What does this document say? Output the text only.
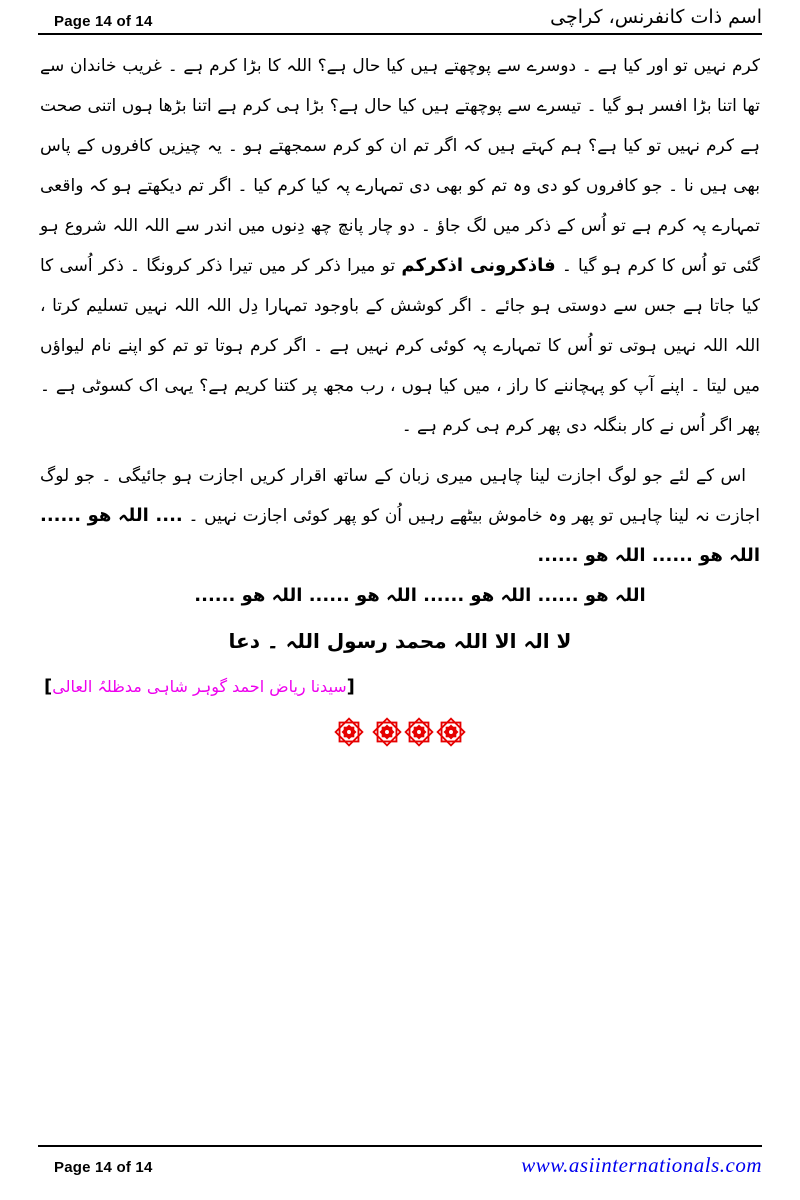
Page 14 of 14	اسم ذات کانفرنس، کراچی

کرم نہیں تو اور کیا ہے ۔ دوسرے سے پوچھتے ہیں کیا حال ہے؟ اللہ کا بڑا کرم ہے ۔ غریب خاندان سے تھا اتنا بڑا افسر ہو گیا ۔ تیسرے سے پوچھتے ہیں کیا حال ہے؟ بڑا ہی کرم ہے اتنا بڑھا ہوں اتنی صحت ہے کرم نہیں تو کیا ہے؟ ہم کہتے ہیں کہ اگر تم ان کو کرم سمجھتے ہو ۔ یہ چیزیں کافروں کے پاس بھی ہیں نا ۔ جو کافروں کو دی وہ تم کو بھی دی تمہارے پہ کیا کرم کیا ۔ اگر تم دیکھتے ہو کہ واقعی تمہارے پہ کرم ہے تو اُس کے ذکر میں لگ جاؤ ۔ دو چار پانچ چھ دِنوں میں اندر سے اللہ اللہ شروع ہو گئی تو اُس کا کرم ہو گیا ۔ فاذکرونی اذکرکم تو میرا ذکر کر میں تیرا ذکر کرونگا ۔ ذکر اُسی کا کیا جاتا ہے جس سے دوستی ہو جائے ۔ اگر کوشش کے باوجود تمہارا دِل اللہ اللہ نہیں تسلیم کرتا ، اللہ اللہ نہیں ہوتی تو اُس کا تمہارے پہ کوئی کرم نہیں ہے ۔ اگر کرم ہوتا تو تم کو اپنے نام لیواؤں میں لیتا ۔ اپنے آپ کو پہچاننے کا راز ، میں کیا ہوں ، رب مجھ پر کتنا کریم ہے؟ یہی اک کسوٹی ہے ۔ پھر اگر اُس نے کار بنگلہ دی پھر کرم ہی کرم ہے ۔

اس کے لئے جو لوگ اجازت لینا چاہیں میری زبان کے ساتھ اقرار کریں اجازت ہو جائیگی ۔ جو لوگ اجازت نہ لینا چاہیں تو پھر وہ خاموش بیٹھے رہیں اُن کو پھر کوئی اجازت نہیں ۔ .... اللہ ھو ...... اللہ ھو ...... اللہ ھو ......

اللہ ھو ...... اللہ ھو ...... اللہ ھو ...... اللہ ھو ......
لا الہ الا اللہ محمد رسول اللہ ۔ دعا
[سیدنا ریاض احمد گوہر شاہی مدظلہُ العالی]

Page 14 of 14	www.asiinternationals.com
